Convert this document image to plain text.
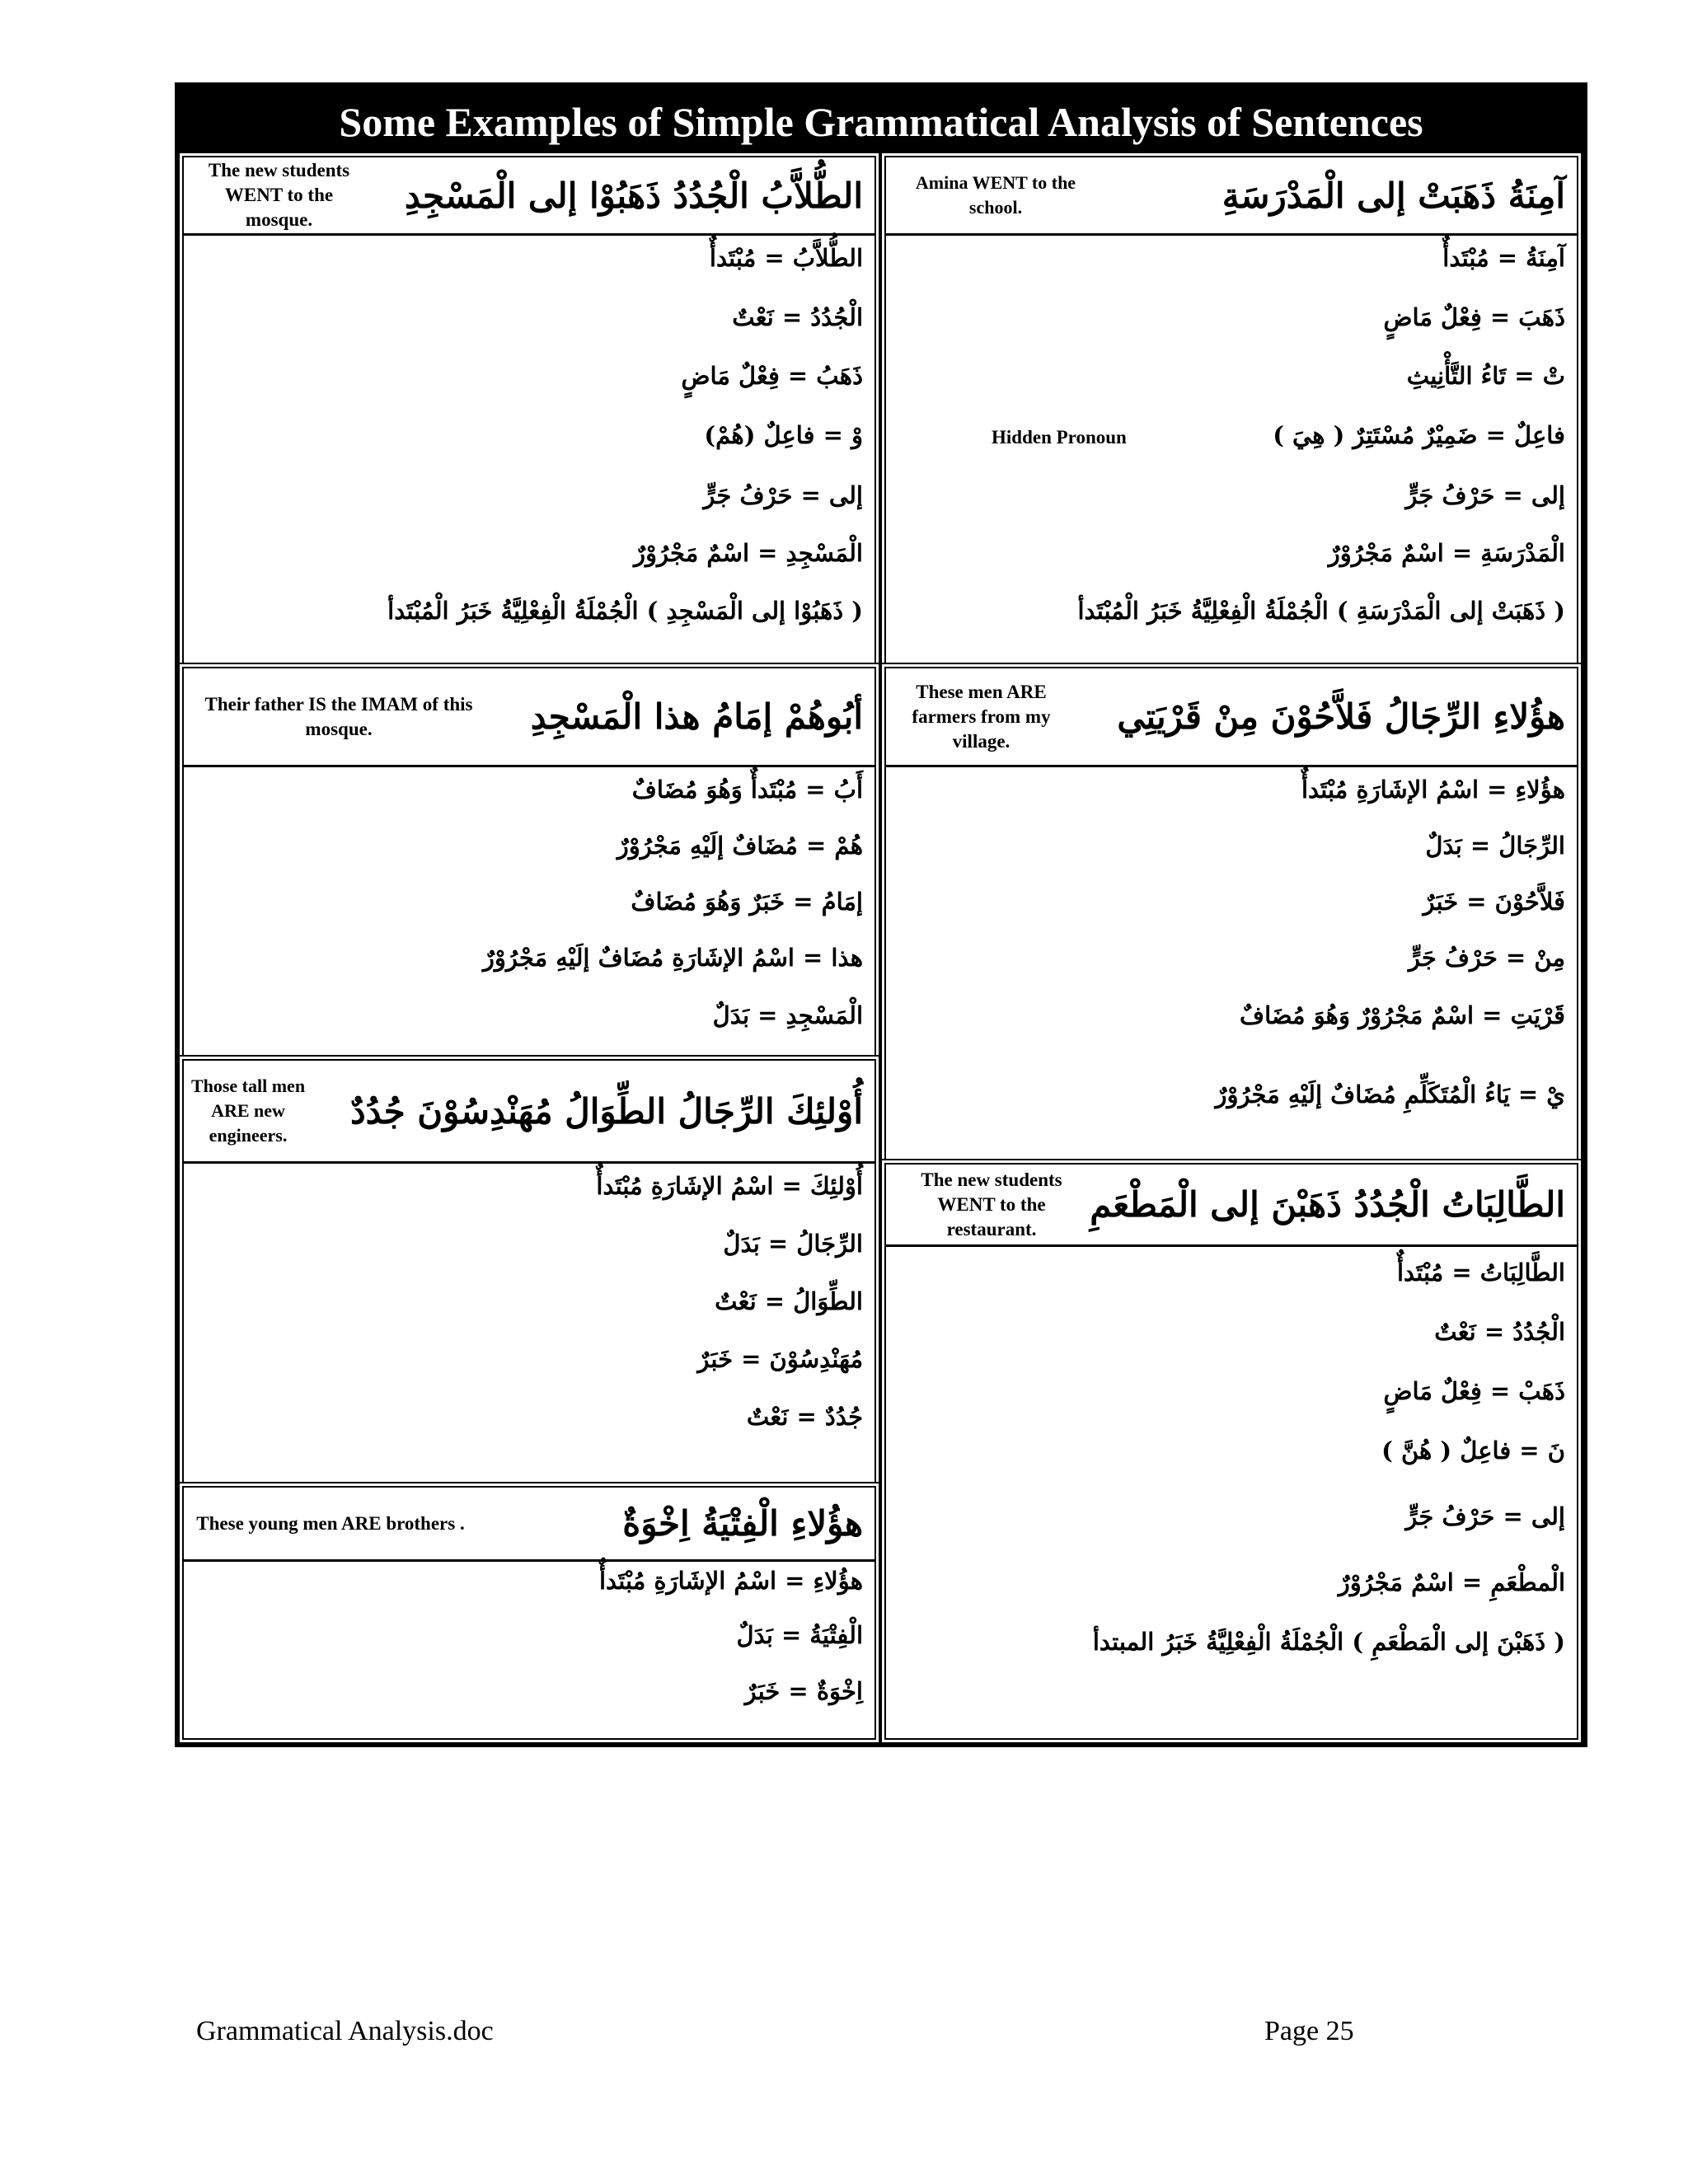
Some Examples of Simple Grammatical Analysis of Sentences
Amina WENT to the school.	آمِنَةُ ذَهَبَتْ إلى الْمَدْرَسَةِ
آمِنَةُ = مُبْتَدأٌ
ذَهَبَ = فِعْلٌ مَاضٍ
تْ = تَاءُ التَّأْنِيثِ
فاعِلٌ = ضَمِيْرٌ مُسْتَتِرٌ ( هِيَ )
Hidden Pronoun
إلى = حَرْفُ جَرٍّ
الْمَدْرَسَةِ = اسْمٌ مَجْرُوْرٌ
( ذَهَبَتْ إلى الْمَدْرَسَةِ ) الْجُمْلَةُ الْفِعْلِيَّةُ خَبَرُ الْمُبْتَدأ
These men ARE farmers from my village.
هؤُلاءِ الرِّجَالُ فَلاَّحُوْنَ مِنْ قَرْيَتِي
هؤُلاءِ = اسْمُ الإشَارَةِ مُبْتَدأٌ
الرِّجَالُ = بَدَلٌ
فَلاَّحُوْنَ = خَبَرٌ
مِنْ = حَرْفُ جَرٍّ
قَرْيَتِ = اسْمٌ مَجْرُوْرٌ وَهُوَ مُضَافٌ
يْ = يَاءُ الْمُتَكَلِّمِ مُضَافٌ إلَيْهِ مَجْرُوْرٌ
The new students WENT to the restaurant.
الطَّالِبَاتُ الْجُدُدُ ذَهَبْنَ إلى الْمَطْعَمِ
الطَّالِبَاتُ = مُبْتَدأٌ
الْجُدُدُ = نَعْتٌ
ذَهَبْ = فِعْلٌ مَاضٍ
نَ = فاعِلٌ ( هُنَّ )
إلى = حَرْفُ جَرٍّ
الْمطْعَمِ = اسْمٌ مَجْرُوْرٌ
( ذَهَبْنَ إلى الْمَطْعَمِ ) الْجُمْلَةُ الْفِعْلِيَّةُ خَبَرُ المبتدأ
The new students WENT to the mosque.
الطُّلاَّبُ الْجُدُدُ ذَهَبُوْا إلى الْمَسْجِدِ
الطُّلاَّبُ = مُبْتَدأٌ
الْجُدُدُ = نَعْتٌ
ذَهَبُ = فِعْلٌ مَاضٍ
وْ = فاعِلٌ (هُمْ)
إلى = حَرْفُ جَرٍّ
الْمَسْجِدِ = اسْمٌ مَجْرُوْرٌ
( ذَهَبُوْا إلى الْمَسْجِدِ ) الْجُمْلَةُ الْفِعْلِيَّةُ خَبَرُ الْمُبْتَدأ
Their father IS the IMAM of this mosque.	أبُوهُمْ إمَامُ هذا الْمَسْجِدِ
أَبُ = مُبْتَدأٌ وَهُوَ مُضَافٌ
هُمْ = مُضَافٌ إلَيْهِ مَجْرُوْرٌ
إمَامُ = خَبَرٌ وَهُوَ مُضَافٌ
هذا = اسْمُ الإشَارَةِ مُضَافٌ إلَيْهِ مَجْرُوْرٌ
الْمَسْجِدِ = بَدَلٌ
Those tall men ARE new engineers.
أُوْلئِكَ الرِّجَالُ الطِّوَالُ مُهَنْدِسُوْنَ جُدُدٌ
أُوْلئِكَ = اسْمُ الإشَارَةِ مُبْتَدأٌ
الرِّجَالُ = بَدَلٌ
الطِّوَالُ = نَعْتٌ
مُهَنْدِسُوْنَ = خَبَرٌ
جُدُدٌ = نَعْتٌ
These young men ARE brothers .	هؤُلاءِ الْفِتْيَةُ اِخْوَةٌ
هؤُلاءِ = اسْمُ الإشَارَةِ مُبْتَدأٌ
الْفِتْيَةُ = بَدَلٌ
اِخْوَةٌ = خَبَرٌ
Grammatical Analysis.doc	Page 25
